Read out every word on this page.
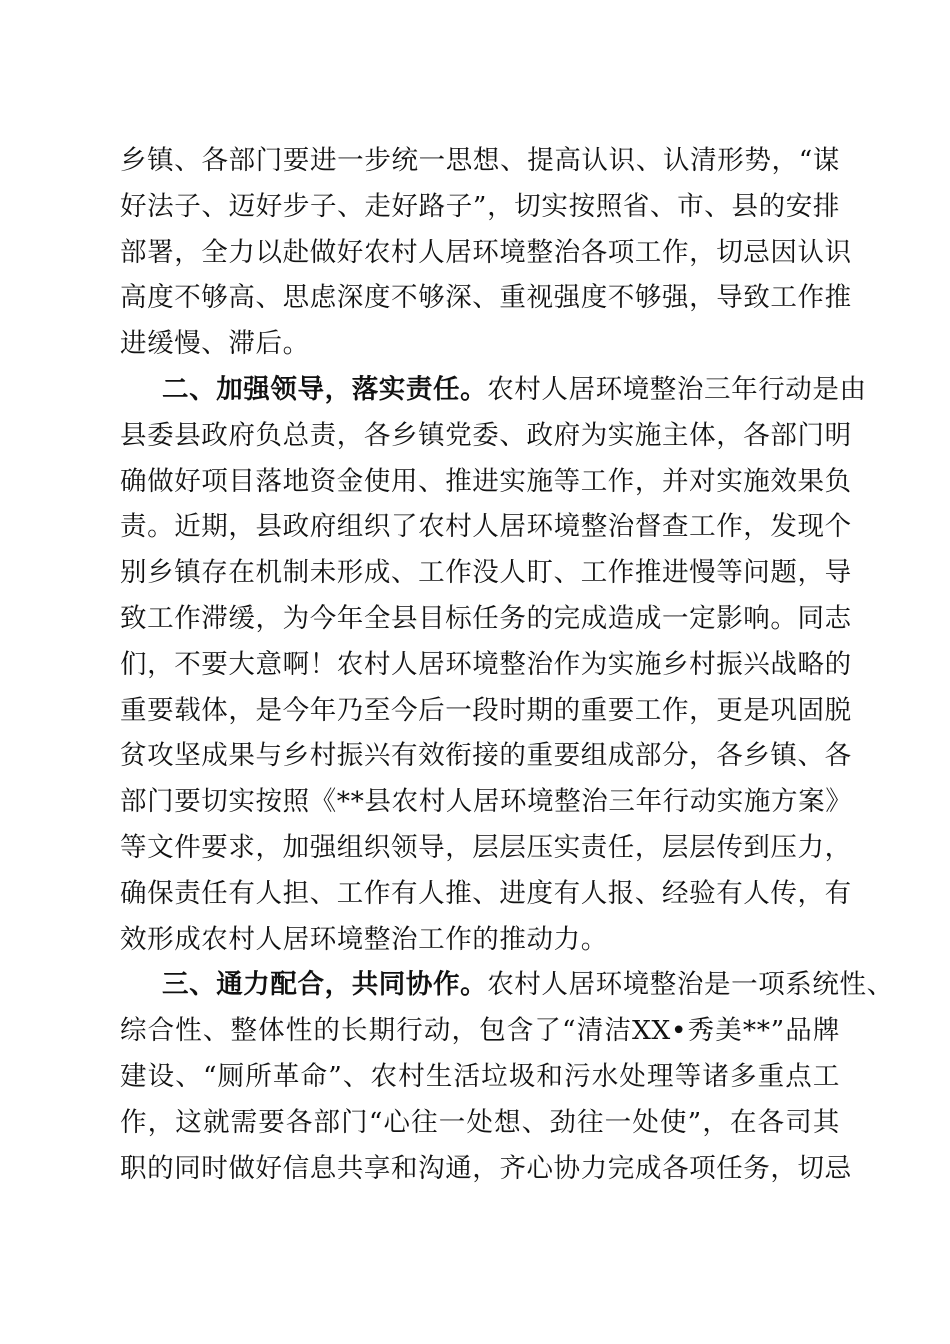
乡镇、各部门要进一步统一思想、提高认识、认清形势，“谋
好法子、迈好步子、走好路子”，切实按照省、市、县的安排
部署，全力以赴做好农村人居环境整治各项工作，切忌因认识
高度不够高、思虑深度不够深、重视强度不够强，导致工作推
进缓慢、滞后。
二、加强领导，落实责任。农村人居环境整治三年行动是由
县委县政府负总责，各乡镇党委、政府为实施主体，各部门明
确做好项目落地资金使用、推进实施等工作，并对实施效果负
责。近期，县政府组织了农村人居环境整治督查工作，发现个
别乡镇存在机制未形成、工作没人盯、工作推进慢等问题，导
致工作滞缓，为今年全县目标任务的完成造成一定影响。同志
们，不要大意啊！农村人居环境整治作为实施乡村振兴战略的
重要载体，是今年乃至今后一段时期的重要工作，更是巩固脱
贫攻坚成果与乡村振兴有效衔接的重要组成部分，各乡镇、各
部门要切实按照《**县农村人居环境整治三年行动实施方案》
等文件要求，加强组织领导，层层压实责任，层层传到压力，
确保责任有人担、工作有人推、进度有人报、经验有人传，有
效形成农村人居环境整治工作的推动力。
三、通力配合，共同协作。农村人居环境整治是一项系统性、
综合性、整体性的长期行动，包含了“清洁XX•秀美**”品牌
建设、“厕所革命”、农村生活垃圾和污水处理等诸多重点工
作，这就需要各部门“心往一处想、劲往一处使”，在各司其
职的同时做好信息共享和沟通，齐心协力完成各项任务，切忌
